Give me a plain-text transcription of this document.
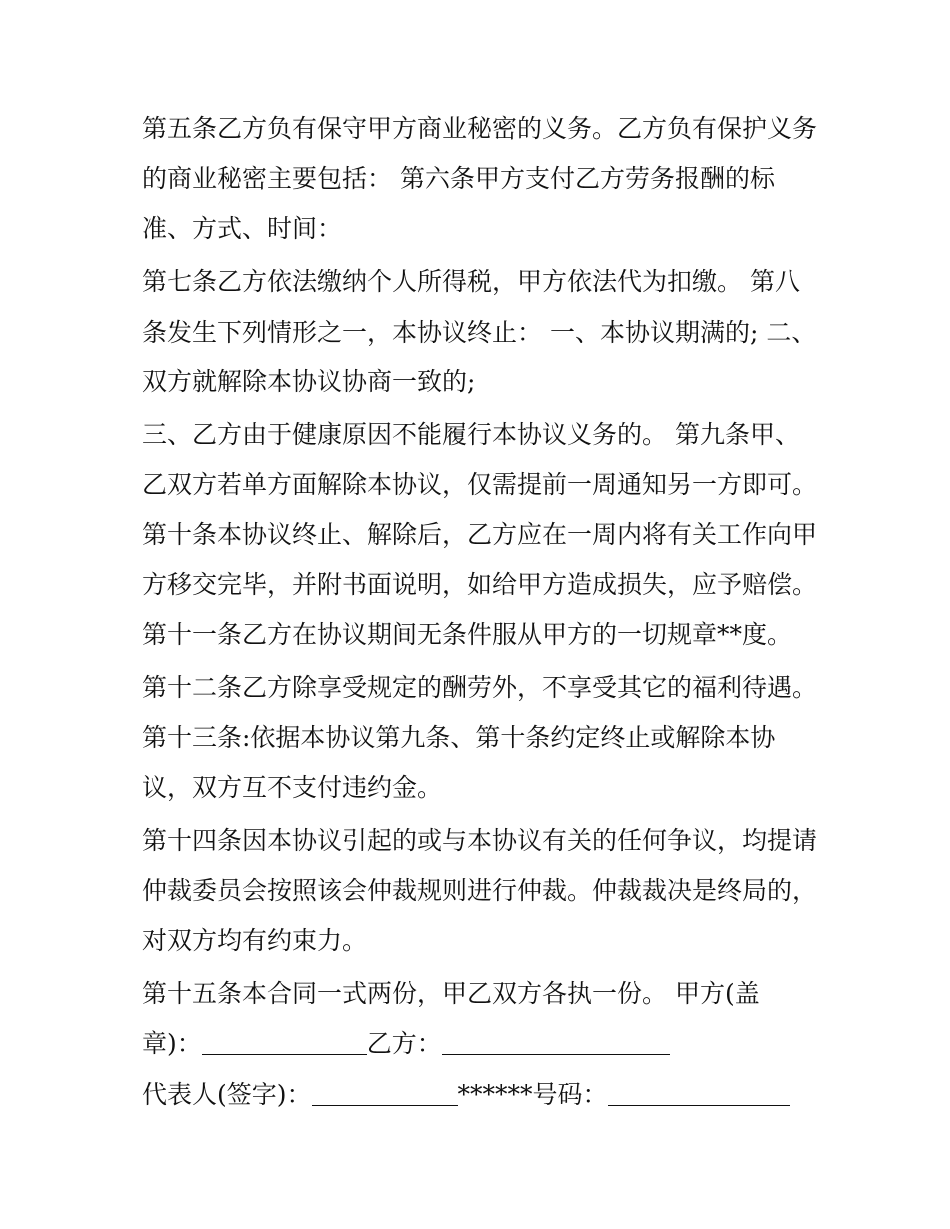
第五条乙方负有保守甲方商业秘密的义务。乙方负有保护义务
的商业秘密主要包括： 第六条甲方支付乙方劳务报酬的标
准、方式、时间：
第七条乙方依法缴纳个人所得税，甲方依法代为扣缴。 第八
条发生下列情形之一，本协议终止： 一、本协议期满的; 二、
双方就解除本协议协商一致的;
三、乙方由于健康原因不能履行本协议义务的。 第九条甲、
乙双方若单方面解除本协议，仅需提前一周通知另一方即可。
第十条本协议终止、解除后，乙方应在一周内将有关工作向甲
方移交完毕，并附书面说明，如给甲方造成损失，应予赔偿。
第十一条乙方在协议期间无条件服从甲方的一切规章**度。
第十二条乙方除享受规定的酬劳外，不享受其它的福利待遇。
第十三条:依据本协议第九条、第十条约定终止或解除本协
议，双方互不支付违约金。
第十四条因本协议引起的或与本协议有关的任何争议，均提请
仲裁委员会按照该会仲裁规则进行仲裁。仲裁裁决是终局的，
对双方均有约束力。
第十五条本合同一式两份，甲乙双方各执一份。 甲方(盖
章)：	乙方：
代表人(签字)：	******号码：
